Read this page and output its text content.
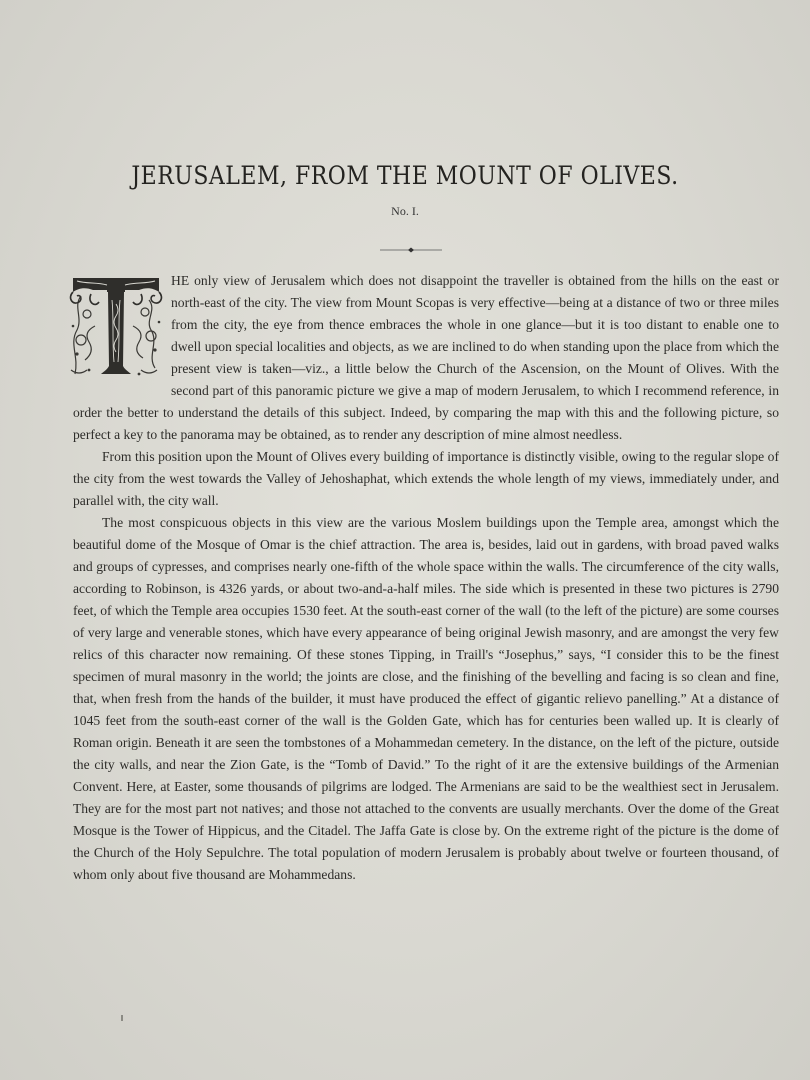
JERUSALEM, FROM THE MOUNT OF OLIVES.
No. I.

HE only view of Jerusalem which does not disappoint the traveller is obtained from the hills on the east or north-east of the city. The view from Mount Scopas is very effective—being at a distance of two or three miles from the city, the eye from thence embraces the whole in one glance—but it is too distant to enable one to dwell upon special localities and objects, as we are inclined to do when standing upon the place from which the present view is taken—viz., a little below the Church of the Ascension, on the Mount of Olives. With the second part of this panoramic picture we give a map of modern Jerusalem, to which I recommend reference, in order the better to understand the details of this subject. Indeed, by comparing the map with this and the following picture, so perfect a key to the panorama may be obtained, as to render any description of mine almost needless.

From this position upon the Mount of Olives every building of importance is distinctly visible, owing to the regular slope of the city from the west towards the Valley of Jehoshaphat, which extends the whole length of my views, immediately under, and parallel with, the city wall.

The most conspicuous objects in this view are the various Moslem buildings upon the Temple area, amongst which the beautiful dome of the Mosque of Omar is the chief attraction. The area is, besides, laid out in gardens, with broad paved walks and groups of cypresses, and comprises nearly one-fifth of the whole space within the walls. The circumference of the city walls, according to Robinson, is 4326 yards, or about two-and-a-half miles. The side which is presented in these two pictures is 2790 feet, of which the Temple area occupies 1530 feet. At the south-east corner of the wall (to the left of the picture) are some courses of very large and venerable stones, which have every appearance of being original Jewish masonry, and are amongst the very few relics of this character now remaining. Of these stones Tipping, in Traill's “Josephus,” says, “I consider this to be the finest specimen of mural masonry in the world; the joints are close, and the finishing of the bevelling and facing is so clean and fine, that, when fresh from the hands of the builder, it must have produced the effect of gigantic relievo panelling.” At a distance of 1045 feet from the south-east corner of the wall is the Golden Gate, which has for centuries been walled up. It is clearly of Roman origin. Beneath it are seen the tombstones of a Mohammedan cemetery. In the distance, on the left of the picture, outside the city walls, and near the Zion Gate, is the “Tomb of David.” To the right of it are the extensive buildings of the Armenian Convent. Here, at Easter, some thousands of pilgrims are lodged. The Armenians are said to be the wealthiest sect in Jerusalem. They are for the most part not natives; and those not attached to the convents are usually merchants. Over the dome of the Great Mosque is the Tower of Hippicus, and the Citadel. The Jaffa Gate is close by. On the extreme right of the picture is the dome of the Church of the Holy Sepulchre. The total population of modern Jerusalem is probably about twelve or fourteen thousand, of whom only about five thousand are Mohammedans.
